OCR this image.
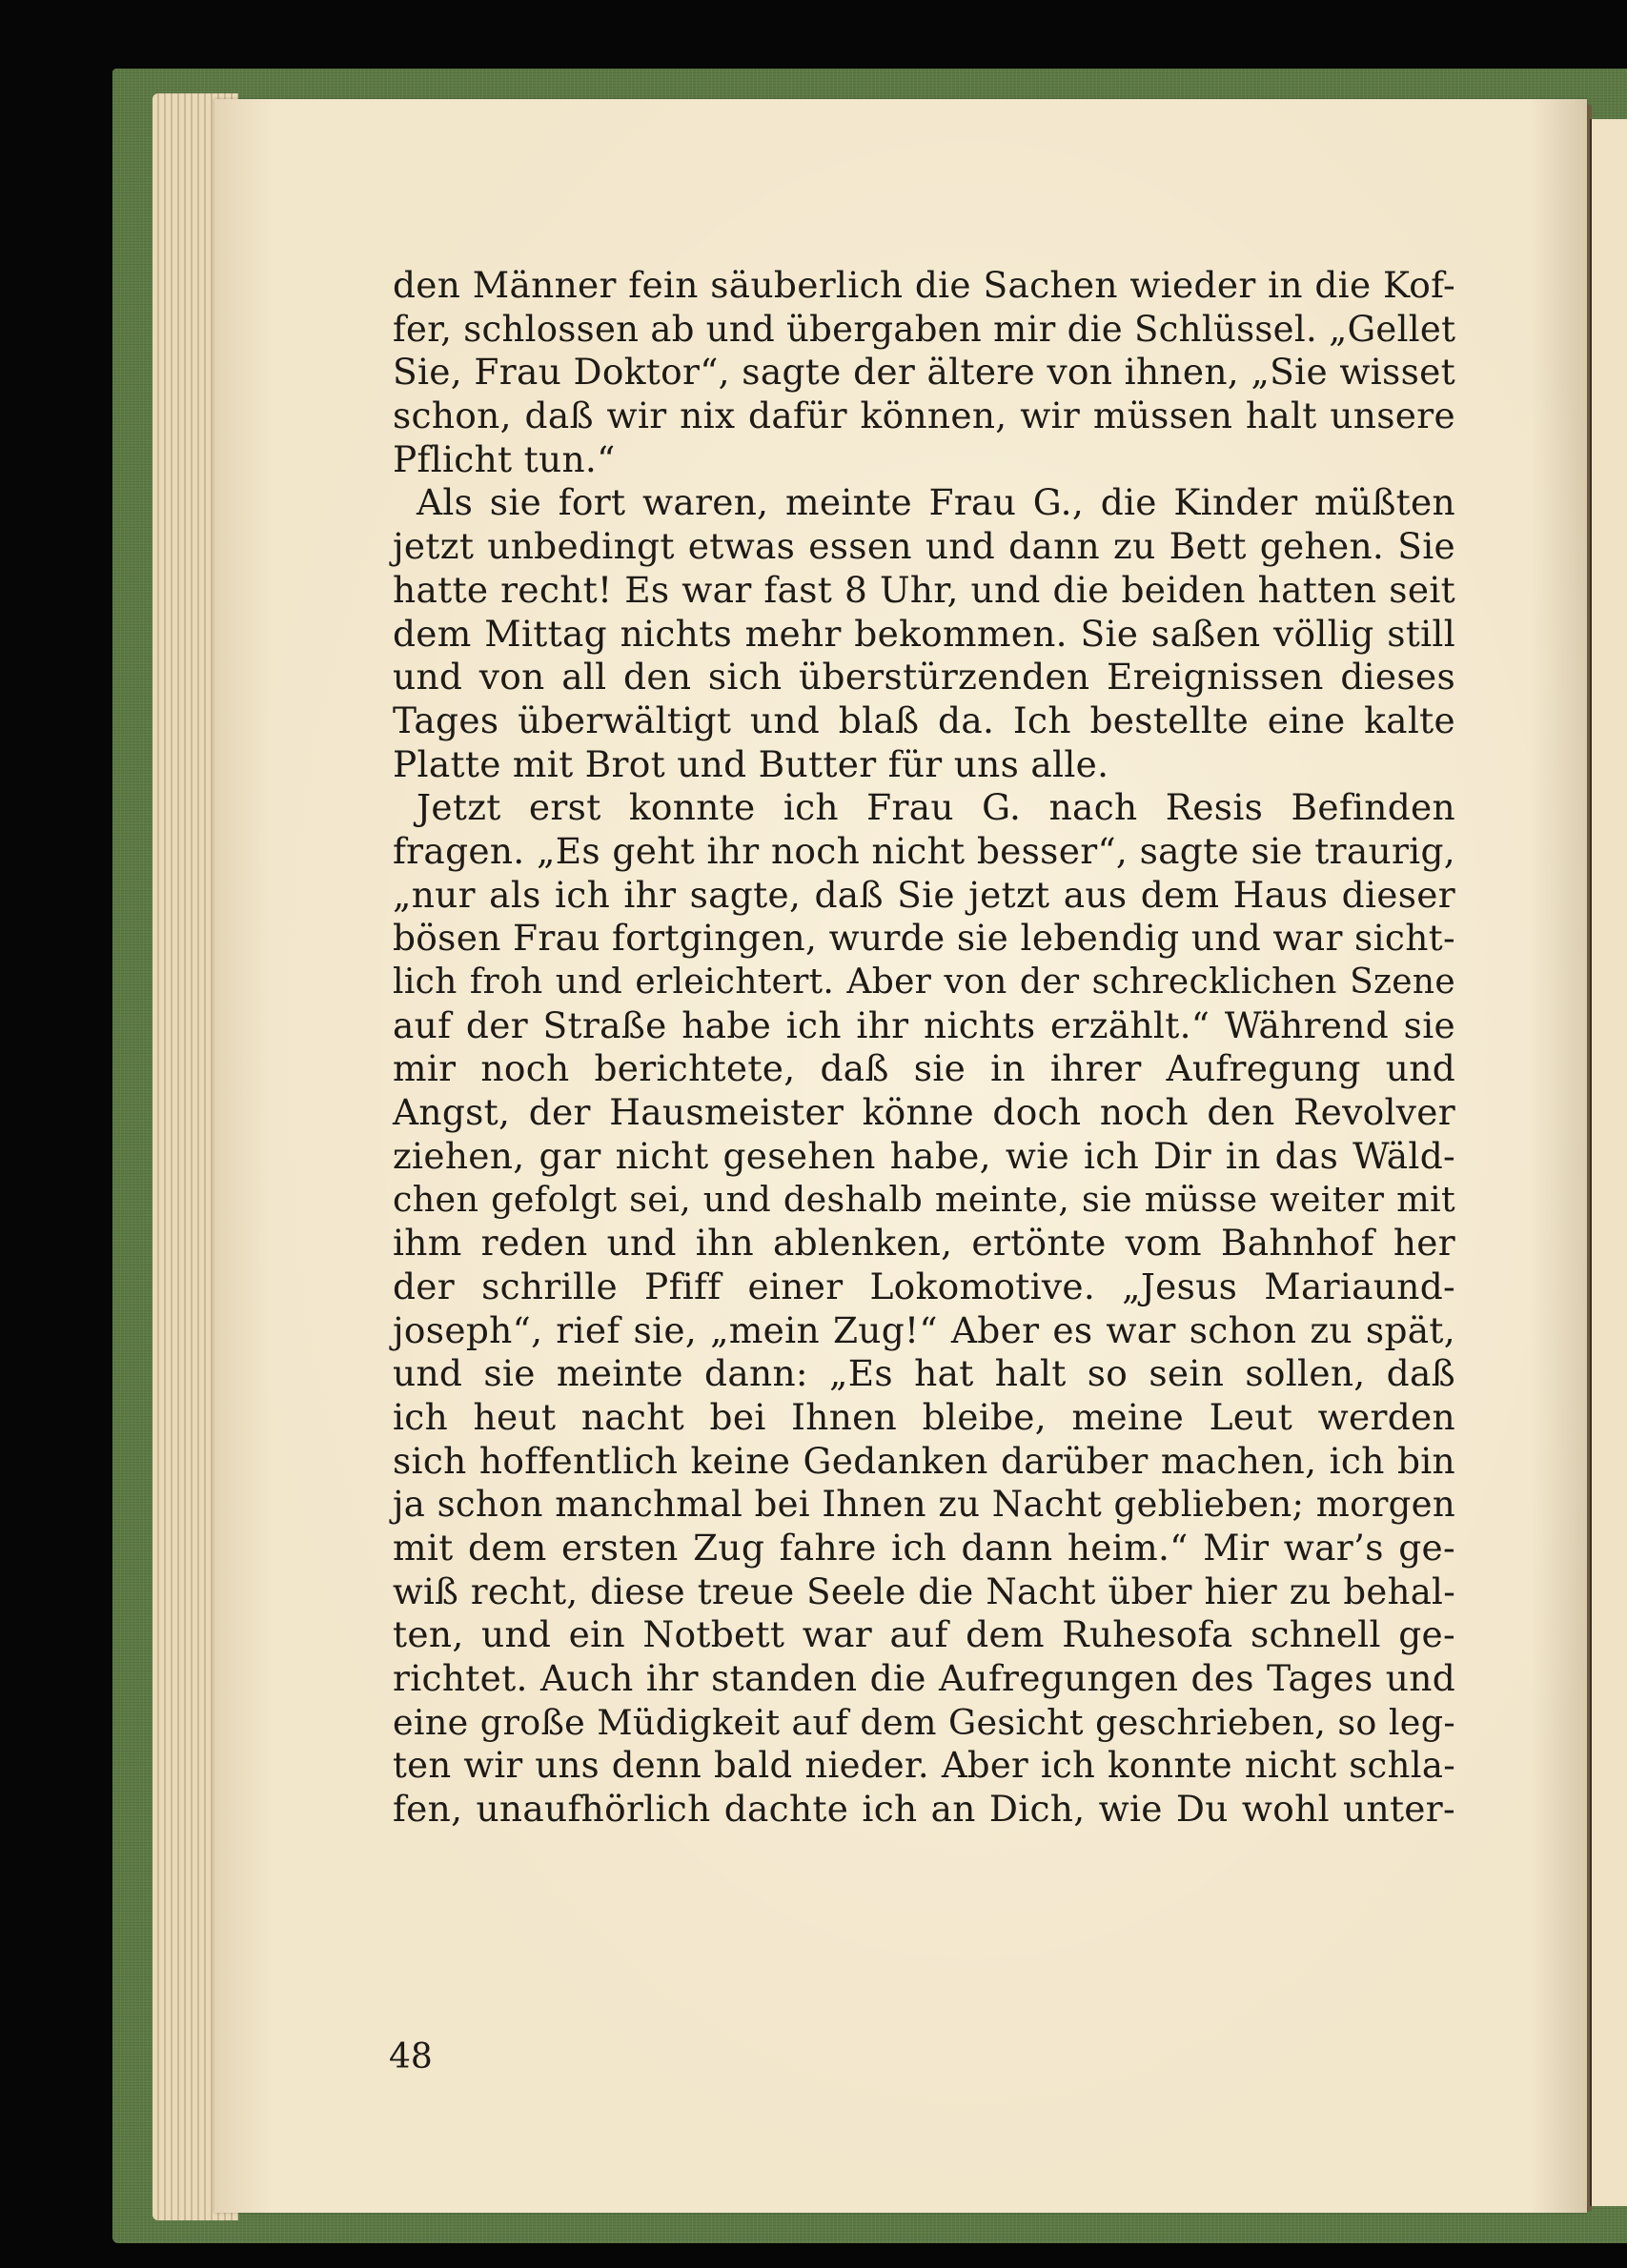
den Männer fein säuberlich die Sachen wieder in die Kof-
fer, schlossen ab und übergaben mir die Schlüssel. „Gellet
Sie, Frau Doktor“, sagte der ältere von ihnen, „Sie wisset
schon, daß wir nix dafür können, wir müssen halt unsere
Pflicht tun.“
Als sie fort waren, meinte Frau G., die Kinder müßten
jetzt unbedingt etwas essen und dann zu Bett gehen. Sie
hatte recht! Es war fast 8 Uhr, und die beiden hatten seit
dem Mittag nichts mehr bekommen. Sie saßen völlig still
und von all den sich überstürzenden Ereignissen dieses
Tages überwältigt und blaß da. Ich bestellte eine kalte
Platte mit Brot und Butter für uns alle.
Jetzt erst konnte ich Frau G. nach Resis Befinden
fragen. „Es geht ihr noch nicht besser“, sagte sie traurig,
„nur als ich ihr sagte, daß Sie jetzt aus dem Haus dieser
bösen Frau fortgingen, wurde sie lebendig und war sicht-
lich froh und erleichtert. Aber von der schrecklichen Szene
auf der Straße habe ich ihr nichts erzählt.“ Während sie
mir noch berichtete, daß sie in ihrer Aufregung und
Angst, der Hausmeister könne doch noch den Revolver
ziehen, gar nicht gesehen habe, wie ich Dir in das Wäld-
chen gefolgt sei, und deshalb meinte, sie müsse weiter mit
ihm reden und ihn ablenken, ertönte vom Bahnhof her
der schrille Pfiff einer Lokomotive. „Jesus Mariaund-
joseph“, rief sie, „mein Zug!“ Aber es war schon zu spät,
und sie meinte dann: „Es hat halt so sein sollen, daß
ich heut nacht bei Ihnen bleibe, meine Leut werden
sich hoffentlich keine Gedanken darüber machen, ich bin
ja schon manchmal bei Ihnen zu Nacht geblieben; morgen
mit dem ersten Zug fahre ich dann heim.“ Mir war’s ge-
wiß recht, diese treue Seele die Nacht über hier zu behal-
ten, und ein Notbett war auf dem Ruhesofa schnell ge-
richtet. Auch ihr standen die Aufregungen des Tages und
eine große Müdigkeit auf dem Gesicht geschrieben, so leg-
ten wir uns denn bald nieder. Aber ich konnte nicht schla-
fen, unaufhörlich dachte ich an Dich, wie Du wohl unter-
48
